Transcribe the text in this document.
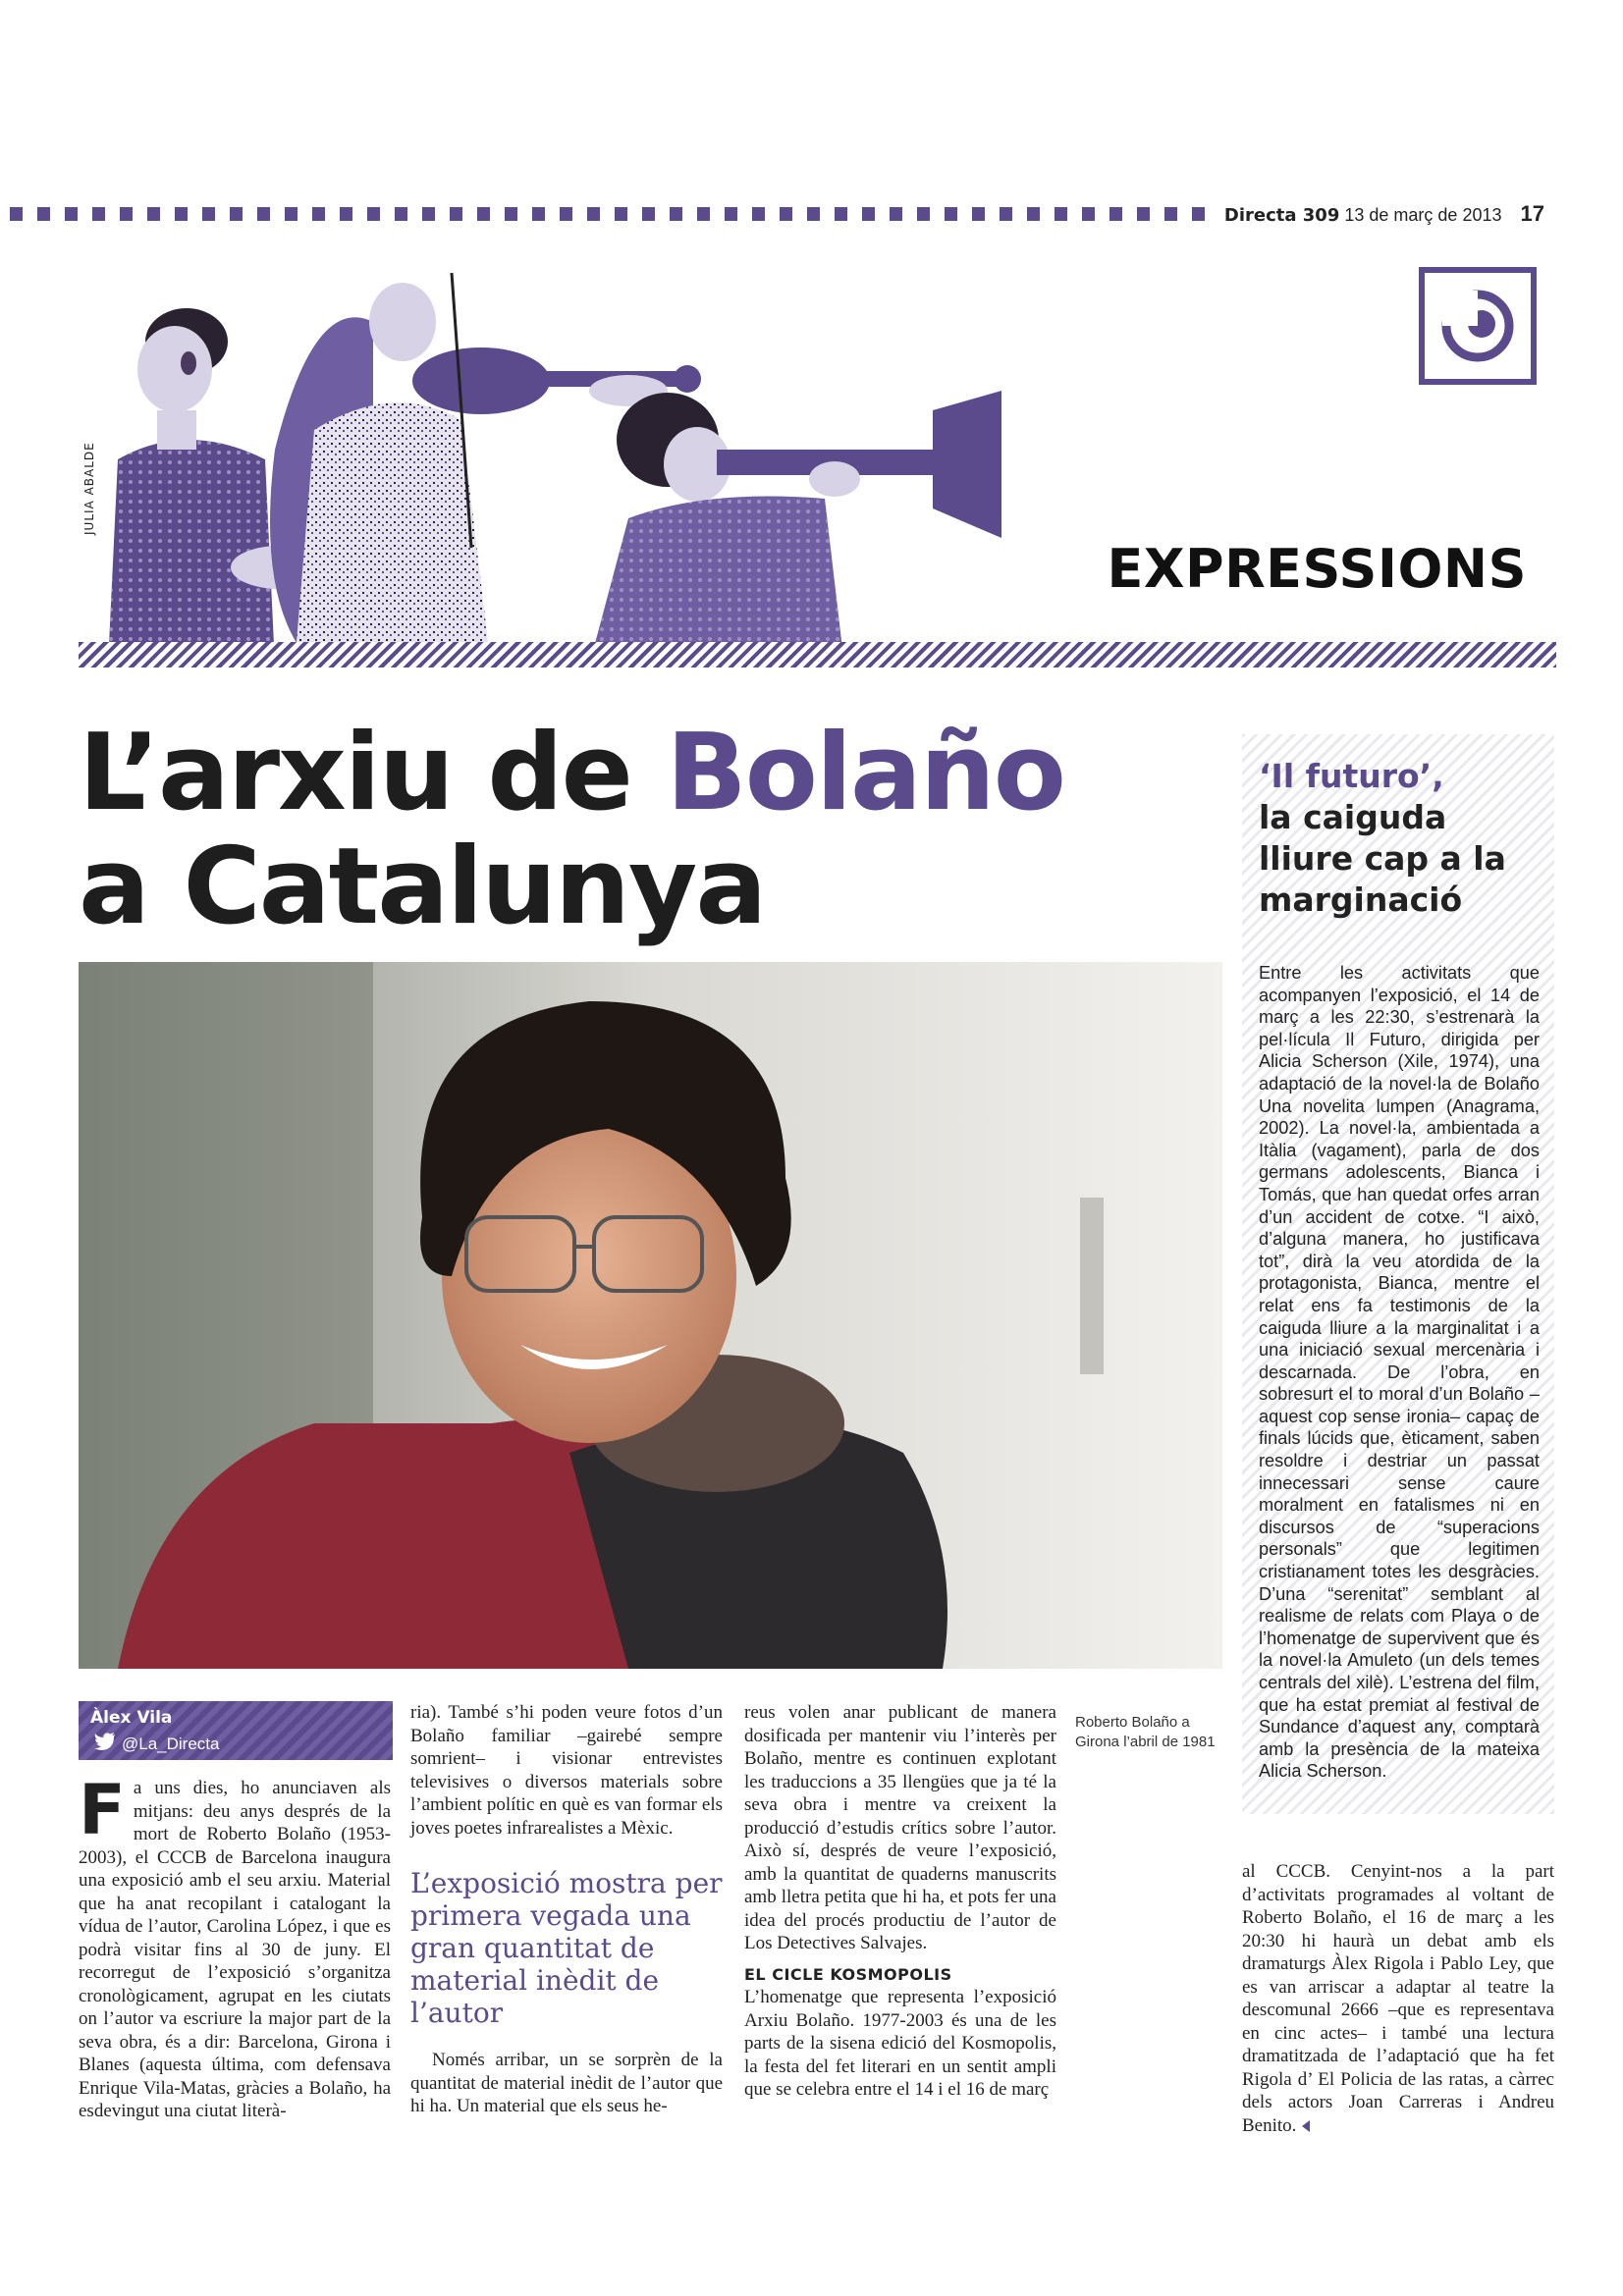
Directa 309 13 de març de 2013 17
JULIA ABALDE
EXPRESSIONS
L’arxiu de Bolaño
a Catalunya
Roberto Bolaño a Girona l’abril de 1981
Àlex Vila
@La_Directa
F a uns dies, ho anunciaven als mitjans: deu anys després de la mort de Roberto Bolaño (1953-2003), el CCCB de Barcelona inaugura una exposició amb el seu arxiu. Material que ha anat recopilant i catalogant la vídua de l’autor, Carolina López, i que es podrà visitar fins al 30 de juny. El recorregut de l’exposició s’organitza cronològicament, agrupat en les ciutats on l’autor va escriure la major part de la seva obra, és a dir: Barcelona, Girona i Blanes (aquesta última, com defensava Enrique Vila-Matas, gràcies a Bolaño, ha esdevingut una ciutat literà-

ria). També s’hi poden veure fotos d’un Bolaño familiar –gairebé sempre somrient– i visionar entrevistes televisives o diversos materials sobre l’ambient polític en què es van formar els joves poetes infrarealistes a Mèxic.

L’exposició mostra per primera vegada una gran quantitat de material inèdit de l’autor

Només arribar, un se sorprèn de la quantitat de material inèdit de l’autor que hi ha. Un material que els seus he-

reus volen anar publicant de manera dosificada per mantenir viu l’interès per Bolaño, mentre es continuen explotant les traduccions a 35 llengües que ja té la seva obra i mentre va creixent la producció d’estudis crítics sobre l’autor. Això sí, després de veure l’exposició, amb la quantitat de quaderns manuscrits amb lletra petita que hi ha, et pots fer una idea del procés productiu de l’autor de Los Detectives Salvajes.

EL CICLE KOSMOPOLIS

L’homenatge que representa l’exposició Arxiu Bolaño. 1977-2003 és una de les parts de la sisena edició del Kosmopolis, la festa del fet literari en un sentit ampli que se celebra entre el 14 i el 16 de març

‘Il futuro’,
la caiguda lliure cap a la marginació

Entre les activitats que acompanyen l’exposició, el 14 de març a les 22:30, s’estrenarà la pel·lícula Il Futuro, dirigida per Alicia Scherson (Xile, 1974), una adaptació de la novel·la de Bolaño Una novelita lumpen (Anagrama, 2002). La novel·la, ambientada a Itàlia (vagament), parla de dos germans adolescents, Bianca i Tomás, que han quedat orfes arran d’un accident de cotxe. “I això, d’alguna manera, ho justificava tot”, dirà la veu atordida de la protagonista, Bianca, mentre el relat ens fa testimonis de la caiguda lliure a la marginalitat i a una iniciació sexual mercenària i descarnada. De l’obra, en sobresurt el to moral d’un Bolaño –aquest cop sense ironia– capaç de finals lúcids que, èticament, saben resoldre i destriar un passat innecessari sense caure moralment en fatalismes ni en discursos de “superacions personals” que legitimen cristianament totes les desgràcies. D’una “serenitat” semblant al realisme de relats com Playa o de l’homenatge de supervivent que és la novel·la Amuleto (un dels temes centrals del xilè). L’estrena del film, que ha estat premiat al festival de Sundance d’aquest any, comptarà amb la presència de la mateixa Alicia Scherson.

al CCCB. Cenyint-nos a la part d’activitats programades al voltant de Roberto Bolaño, el 16 de març a les 20:30 hi haurà un debat amb els dramaturgs Àlex Rigola i Pablo Ley, que es van arriscar a adaptar al teatre la descomunal 2666 –que es representava en cinc actes– i també una lectura dramatitzada de l’adaptació que ha fet Rigola d’ El Policia de las ratas, a càrrec dels actors Joan Carreras i Andreu Benito.
